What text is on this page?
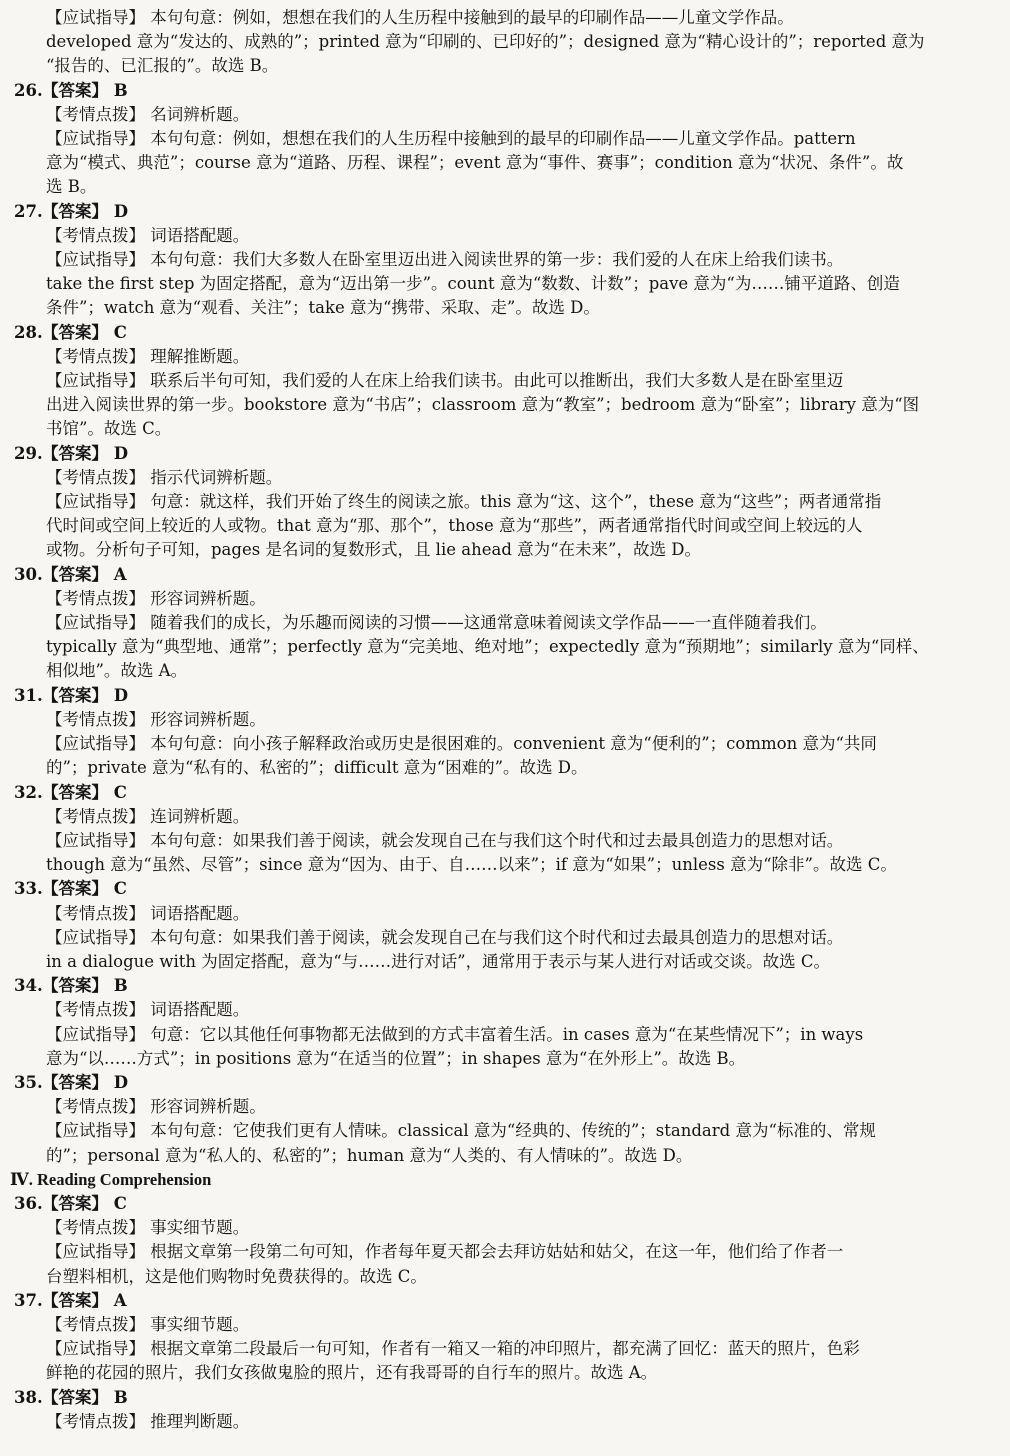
【应试指导】 本句句意：例如，想想在我们的人生历程中接触到的最早的印刷作品——儿童文学作品。
developed 意为“发达的、成熟的”；printed 意为“印刷的、已印好的”；designed 意为“精心设计的”；reported 意为
“报告的、已汇报的”。故选 B。
26.【答案】 B
【考情点拨】 名词辨析题。
【应试指导】 本句句意：例如，想想在我们的人生历程中接触到的最早的印刷作品——儿童文学作品。pattern
意为“模式、典范”；course 意为“道路、历程、课程”；event 意为“事件、赛事”；condition 意为“状况、条件”。故
选 B。
27.【答案】 D
【考情点拨】 词语搭配题。
【应试指导】 本句句意：我们大多数人在卧室里迈出进入阅读世界的第一步：我们爱的人在床上给我们读书。
take the first step 为固定搭配，意为“迈出第一步”。count 意为“数数、计数”；pave 意为“为……铺平道路、创造
条件”；watch 意为“观看、关注”；take 意为“携带、采取、走”。故选 D。
28.【答案】 C
【考情点拨】 理解推断题。
【应试指导】 联系后半句可知，我们爱的人在床上给我们读书。由此可以推断出，我们大多数人是在卧室里迈
出进入阅读世界的第一步。bookstore 意为“书店”；classroom 意为“教室”；bedroom 意为“卧室”；library 意为“图
书馆”。故选 C。
29.【答案】 D
【考情点拨】 指示代词辨析题。
【应试指导】 句意：就这样，我们开始了终生的阅读之旅。this 意为“这、这个”，these 意为“这些”；两者通常指
代时间或空间上较近的人或物。that 意为“那、那个”，those 意为“那些”，两者通常指代时间或空间上较远的人
或物。分析句子可知，pages 是名词的复数形式，且 lie ahead 意为“在未来”，故选 D。
30.【答案】 A
【考情点拨】 形容词辨析题。
【应试指导】 随着我们的成长，为乐趣而阅读的习惯——这通常意味着阅读文学作品——一直伴随着我们。
typically 意为“典型地、通常”；perfectly 意为“完美地、绝对地”；expectedly 意为“预期地”；similarly 意为“同样、
相似地”。故选 A。
31.【答案】 D
【考情点拨】 形容词辨析题。
【应试指导】 本句句意：向小孩子解释政治或历史是很困难的。convenient 意为“便利的”；common 意为“共同
的”；private 意为“私有的、私密的”；difficult 意为“困难的”。故选 D。
32.【答案】 C
【考情点拨】 连词辨析题。
【应试指导】 本句句意：如果我们善于阅读，就会发现自己在与我们这个时代和过去最具创造力的思想对话。
though 意为“虽然、尽管”；since 意为“因为、由于、自……以来”；if 意为“如果”；unless 意为“除非”。故选 C。
33.【答案】 C
【考情点拨】 词语搭配题。
【应试指导】 本句句意：如果我们善于阅读，就会发现自己在与我们这个时代和过去最具创造力的思想对话。
in a dialogue with 为固定搭配，意为“与……进行对话”，通常用于表示与某人进行对话或交谈。故选 C。
34.【答案】 B
【考情点拨】 词语搭配题。
【应试指导】 句意：它以其他任何事物都无法做到的方式丰富着生活。in cases 意为“在某些情况下”；in ways
意为“以……方式”；in positions 意为“在适当的位置”；in shapes 意为“在外形上”。故选 B。
35.【答案】 D
【考情点拨】 形容词辨析题。
【应试指导】 本句句意：它使我们更有人情味。classical 意为“经典的、传统的”；standard 意为“标准的、常规
的”；personal 意为“私人的、私密的”；human 意为“人类的、有人情味的”。故选 D。
Ⅳ. Reading Comprehension
36.【答案】 C
【考情点拨】 事实细节题。
【应试指导】 根据文章第一段第二句可知，作者每年夏天都会去拜访姑姑和姑父，在这一年，他们给了作者一
台塑料相机，这是他们购物时免费获得的。故选 C。
37.【答案】 A
【考情点拨】 事实细节题。
【应试指导】 根据文章第二段最后一句可知，作者有一箱又一箱的冲印照片，都充满了回忆：蓝天的照片，色彩
鲜艳的花园的照片，我们女孩做鬼脸的照片，还有我哥哥的自行车的照片。故选 A。
38.【答案】 B
【考情点拨】 推理判断题。
